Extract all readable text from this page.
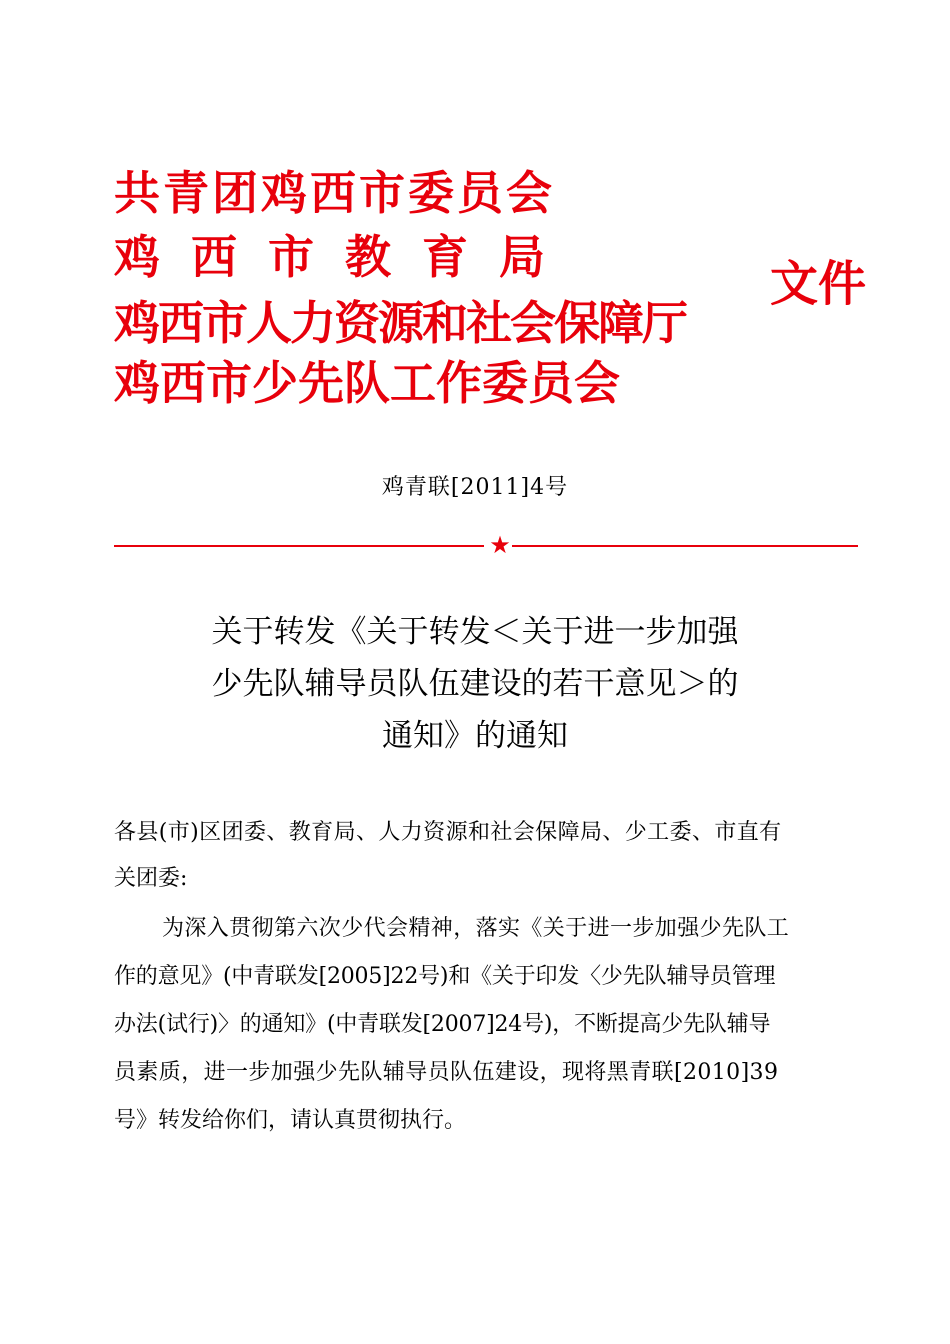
共青团鸡西市委员会
鸡西市教育局
鸡西市人力资源和社会保障厅
鸡西市少先队工作委员会
文件
鸡青联[2011]4号
★
关于转发《关于转发＜关于进一步加强
少先队辅导员队伍建设的若干意见＞的
通知》的通知
各县(市)区团委、教育局、人力资源和社会保障局、少工委、市直有
关团委:
为深入贯彻第六次少代会精神，落实《关于进一步加强少先队工
作的意见》(中青联发[2005]22号)和《关于印发〈少先队辅导员管理
办法(试行)〉的通知》(中青联发[2007]24号)，不断提高少先队辅导
员素质，进一步加强少先队辅导员队伍建设，现将黑青联[2010]39
号》转发给你们，请认真贯彻执行。
